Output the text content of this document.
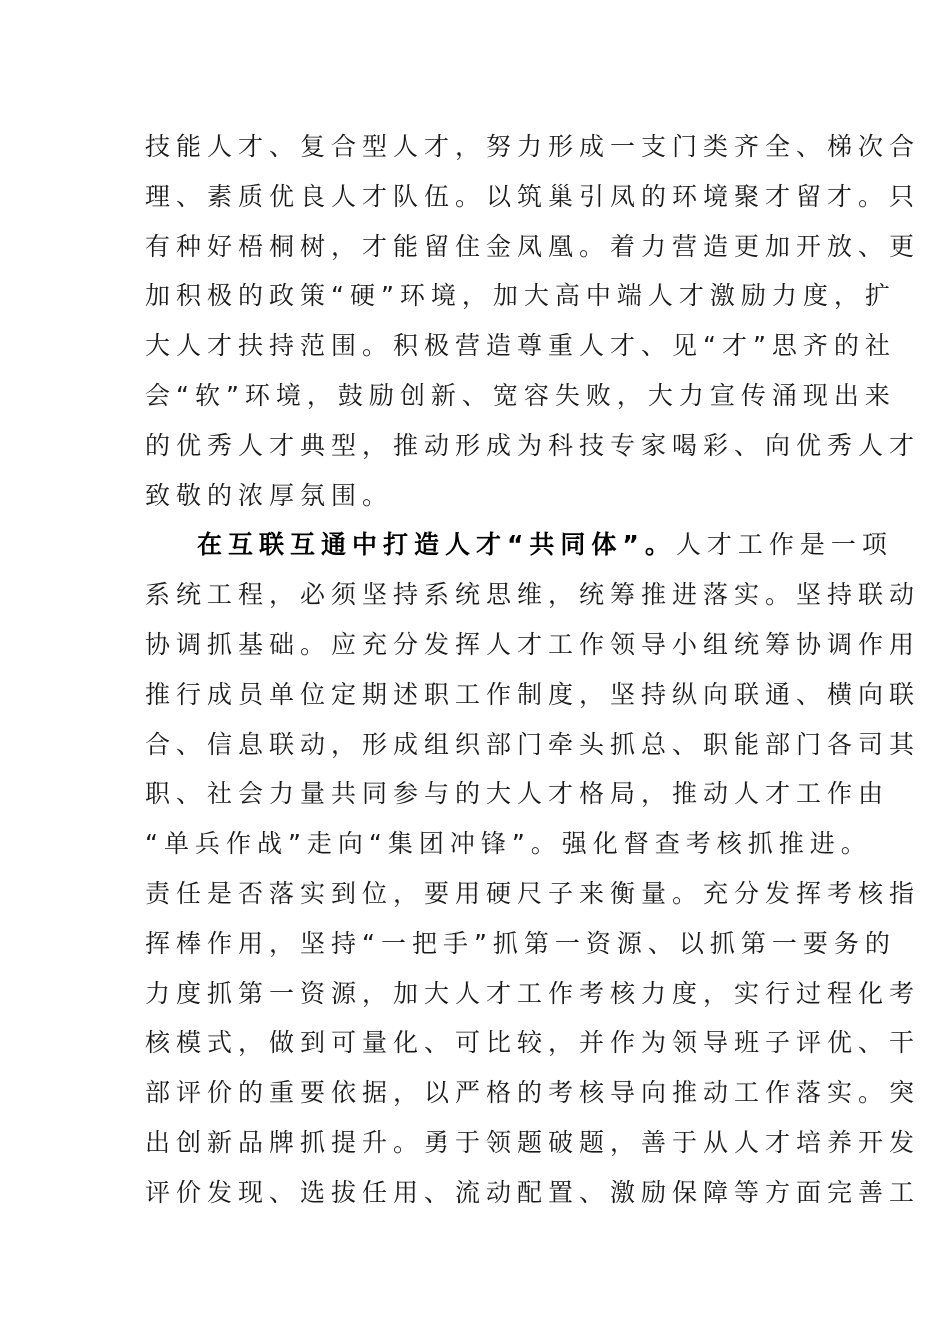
技能人才、复合型人才，努力形成一支门类齐全、梯次合
理、素质优良人才队伍。以筑巢引凤的环境聚才留才。只
有种好梧桐树，才能留住金凤凰。着力营造更加开放、更
加积极的政策“硬”环境，加大高中端人才激励力度，扩
大人才扶持范围。积极营造尊重人才、见“才”思齐的社
会“软”环境，鼓励创新、宽容失败，大力宣传涌现出来
的优秀人才典型，推动形成为科技专家喝彩、向优秀人才
致敬的浓厚氛围。
在互联互通中打造人才“共同体”。人才工作是一项
系统工程，必须坚持系统思维，统筹推进落实。坚持联动
协调抓基础。应充分发挥人才工作领导小组统筹协调作用
推行成员单位定期述职工作制度，坚持纵向联通、横向联
合、信息联动，形成组织部门牵头抓总、职能部门各司其
职、社会力量共同参与的大人才格局，推动人才工作由
“单兵作战”走向“集团冲锋”。强化督查考核抓推进。
责任是否落实到位，要用硬尺子来衡量。充分发挥考核指
挥棒作用，坚持“一把手”抓第一资源、以抓第一要务的
力度抓第一资源，加大人才工作考核力度，实行过程化考
核模式，做到可量化、可比较，并作为领导班子评优、干
部评价的重要依据，以严格的考核导向推动工作落实。突
出创新品牌抓提升。勇于领题破题，善于从人才培养开发
评价发现、选拔任用、流动配置、激励保障等方面完善工
